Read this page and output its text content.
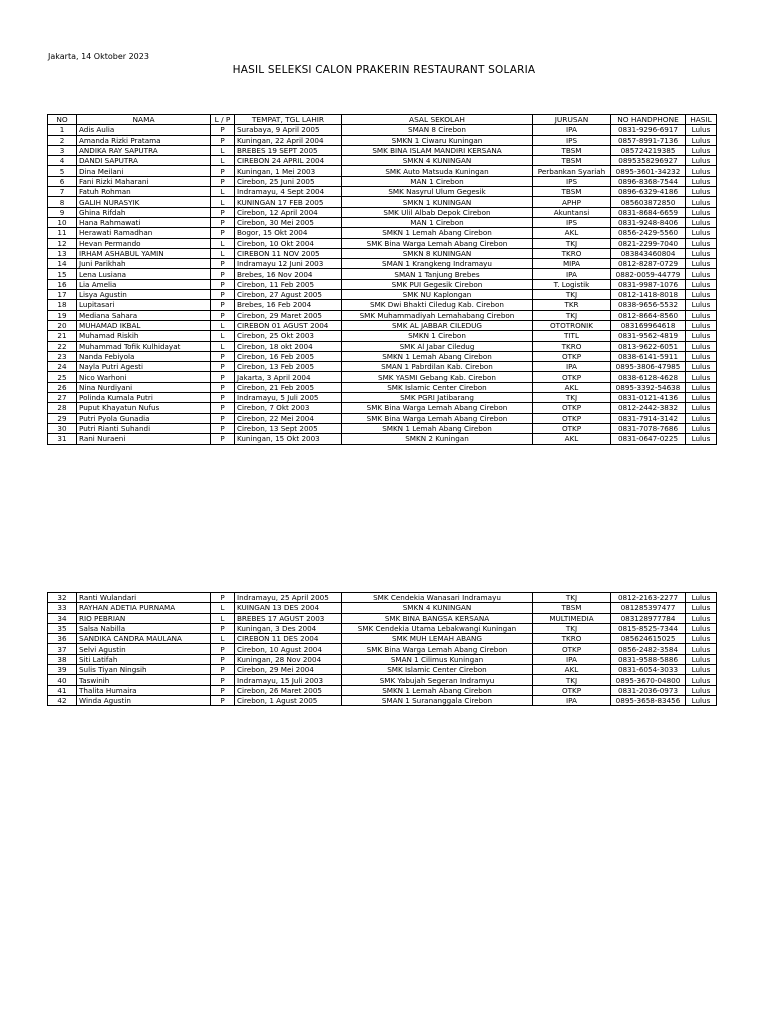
Jakarta, 14 Oktober 2023
HASIL SELEKSI CALON PRAKERIN RESTAURANT SOLARIA
NO	NAMA	L / P	TEMPAT, TGL LAHIR	ASAL SEKOLAH	JURUSAN	NO HANDPHONE	HASIL
1	Adis Aulia	P	Surabaya, 9 April 2005	SMAN 8 Cirebon	IPA	0831-9296-6917	Lulus
2	Amanda Rizki Pratama	P	Kuningan, 22 April 2004	SMKN 1 Ciwaru Kuningan	IPS	0857-8991-7136	Lulus
3	ANDIKA RAY SAPUTRA	L	BREBES 19 SEPT 2005	SMK BINA ISLAM MANDIRI KERSANA	TBSM	085724219385	Lulus
4	DANDI SAPUTRA	L	CIREBON 24 APRIL 2004	SMKN 4 KUNINGAN	TBSM	0895358296927	Lulus
5	Dina Meilani	P	Kuningan, 1 Mei 2003	SMK Auto Matsuda Kuningan	Perbankan Syariah	0895-3601-34232	Lulus
6	Fani Rizki Maharani	P	Cirebon, 25 Juni 2005	MAN 1 Cirebon	IPS	0896-8368-7544	Lulus
7	Fatuh Rohman	L	Indramayu, 4 Sept 2004	SMK Nasyrul Ulum Gegesik	TBSM	0896-6329-4186	Lulus
8	GALIH NURASYIK	L	KUNINGAN 17 FEB 2005	SMKN 1 KUNINGAN	APHP	085603872850	Lulus
9	Ghina Rifdah	P	Cirebon, 12 April 2004	SMK Ulil Albab Depok Cirebon	Akuntansi	0831-8684-6659	Lulus
10	Hana Rahmawati	P	Cirebon, 30 Mei 2005	MAN 1 Cirebon	IPS	0831-9248-8406	Lulus
11	Herawati Ramadhan	P	Bogor, 15 Okt 2004	SMKN 1 Lemah Abang Cirebon	AKL	0856-2429-5560	Lulus
12	Hevan Permando	L	Cirebon, 10 Okt 2004	SMK Bina Warga Lemah Abang Cirebon	TKJ	0821-2299-7040	Lulus
13	IRHAM ASHABUL YAMIN	L	CIREBON 11 NOV 2005	SMKN 8 KUNINGAN	TKRO	083843460804	Lulus
14	Juni Parikhah	P	Indramayu 12 Juni 2003	SMAN 1 Krangkeng Indramayu	MIPA	0812-8287-0729	Lulus
15	Lena Lusiana	P	Brebes, 16 Nov 2004	SMAN 1 Tanjung Brebes	IPA	0882-0059-44779	Lulus
16	Lia Amelia	P	Cirebon, 11 Feb 2005	SMK PUI Gegesik Cirebon	T. Logistik	0831-9987-1076	Lulus
17	Lisya Agustin	P	Cirebon, 27 Agust 2005	SMK NU Kaplongan	TKJ	0812-1418-8018	Lulus
18	Lupitasari	P	Brebes, 16 Feb 2004	SMK Dwi Bhakti Ciledug Kab. Cirebon	TKR	0838-9656-5532	Lulus
19	Mediana Sahara	P	Cirebon, 29 Maret 2005	SMK Muhammadiyah Lemahabang Cirebon	TKJ	0812-8664-8560	Lulus
20	MUHAMAD IKBAL	L	CIREBON 01 AGUST 2004	SMK AL JABBAR CILEDUG	OTOTRONIK	083169964618	Lulus
21	Muhamad Riskih	L	Cirebon, 25 Okt 2003	SMKN 1 Cirebon	TITL	0831-9562-4819	Lulus
22	Muhammad Tofik Kulhidayat	L	Cirebon, 18 okt 2004	SMK Al Jabar Ciledug	TKRO	0813-9622-6051	Lulus
23	Nanda Febiyola	P	Cirebon, 16 Feb 2005	SMKN 1 Lemah Abang Cirebon	OTKP	0838-6141-5911	Lulus
24	Nayla Putri Agesti	P	Cirebon, 13 Feb 2005	SMAN 1 Pabrdilan Kab. Cirebon	IPA	0895-3806-47985	Lulus
25	Nico Warhoni	P	Jakarta, 3 April 2004	SMK YASMI Gebang Kab. Cirebon	OTKP	0838-6128-4628	Lulus
26	Nina Nurdiyani	P	Cirebon, 21 Feb 2005	SMK Islamic Center Cirebon	AKL	0895-3392-54638	Lulus
27	Polinda Kumala Putri	P	Indramayu, 5 Juli 2005	SMK PGRI Jatibarang	TKJ	0831-0121-4136	Lulus
28	Puput Khayatun Nufus	P	Cirebon, 7 Okt 2003	SMK Bina Warga Lemah Abang Cirebon	OTKP	0812-2442-3832	Lulus
29	Putri Pyola Gunadia	P	Cirebon, 22 Mei 2004	SMK Bina Warga Lemah Abang Cirebon	OTKP	0831-7914-3142	Lulus
30	Putri Rianti Suhandi	P	Cirebon, 13 Sept 2005	SMKN 1 Lemah Abang Cirebon	OTKP	0831-7078-7686	Lulus
31	Rani Nuraeni	P	Kuningan, 15 Okt 2003	SMKN 2 Kuningan	AKL	0831-0647-0225	Lulus
32	Ranti Wulandari	P	Indramayu, 25 April 2005	SMK Cendekia Wanasari Indramayu	TKJ	0812-2163-2277	Lulus
33	RAYHAN ADETIA PURNAMA	L	KUINGAN 13 DES 2004	SMKN 4 KUNINGAN	TBSM	081285397477	Lulus
34	RIO PEBRIAN	L	BREBES 17 AGUST 2003	SMK BINA BANGSA KERSANA	MULTIMEDIA	083128977784	Lulus
35	Salsa Nabilla	P	Kuningan, 3 Des 2004	SMK Cendekia Utama Lebakwangi Kuningan	TKJ	0815-8525-7344	Lulus
36	SANDIKA CANDRA MAULANA	L	CIREBON 11 DES 2004	SMK MUH LEMAH ABANG	TKRO	085624615025	Lulus
37	Selvi Agustin	P	Cirebon, 10 Agust 2004	SMK Bina Warga Lemah Abang Cirebon	OTKP	0856-2482-3584	Lulus
38	Siti Latifah	P	Kuningan, 28 Nov 2004	SMAN 1 Cilimus Kuningan	IPA	0831-9588-5886	Lulus
39	Sulis Tiyan Ningsih	P	Cirebon, 29 Mei 2004	SMK Islamic Center Cirebon	AKL	0831-6054-3033	Lulus
40	Taswinih	P	Indramayu, 15 Juli 2003	SMK Yabujah Segeran Indramyu	TKJ	0895-3670-04800	Lulus
41	Thalita Humaira	P	Cirebon, 26 Maret 2005	SMKN 1 Lemah Abang Cirebon	OTKP	0831-2036-0973	Lulus
42	Winda Agustin	P	Cirebon, 1 Agust 2005	SMAN 1 Surananggala Cirebon	IPA	0895-3658-83456	Lulus
